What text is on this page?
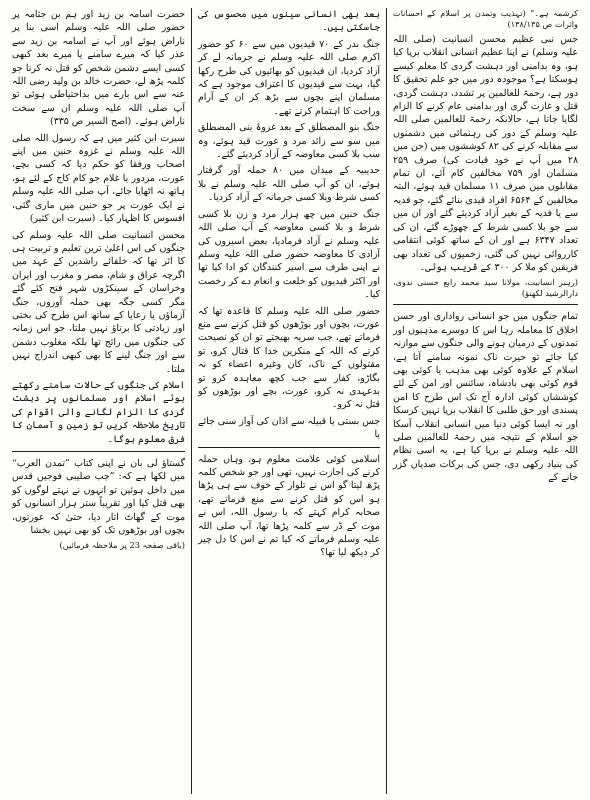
کرشمہ ہے۔“ (تہذیب وتمدن پر اسلام کے احسانات واثرات ص ۱۳۸/۱۳۵)

جس نبی عظیم محسن انسانیت (صلی اللہ علیہ وسلم) نے اپنا عظیم انسانی انقلاب برپا کیا ہو، وہ بدامنی اور دہشت گردی کا معلم کیسے ہوسکتا ہے؟ موجودہ دور میں جو علم تحقیق کا دور ہے، رحمۃ للعالمین پر تشدد، دہشت گردی، قتل و غارت گری اور بدامنی عام کرنے کا الزام لگایا جاتا ہے، حالانکہ رحمۃ للعالمین صلی اللہ علیہ وسلم کے دور کی رہنمائی میں دشمنوں سے مقابلہ کرنے کی ۸۲ کوششوں میں (جن میں ۲۸ میں آپ نے خود قیادت کی) صرف ۲۵۹ مسلمان اور ۷۵۹ مخالفین کام آئے، ان تمام مقابلوں میں صرف ۱۱ مسلمان قید ہوئے، البتہ مخالفین کے ۶۵۶۴ افراد قیدی بنائے گئے، جو فدیہ سے یا فدیہ کے بغیر آزاد کردیئے گئے اور ان میں سے جو بلا کسی شرط کے چھوڑے گئے، ان کی تعداد ۶۳۴۷ ہے اور ان کے ساتھ کوئی انتقامی کارروائی نہیں کی گئی، زخمیوں کی تعداد بھی فریقین کو ملا کر ۳۰۰ کے قریب ہوئی۔

(رہبر انسانیت، مولانا سید محمد رابع حسنی ندوی، دارالرشید لکھنؤ)

تمام جنگوں میں جو انسانی رواداری اور حسن اخلاق کا معاملہ رہا اس کا دوسرے مذہبوں اور تمدنوں کے درمیان ہونے والی جنگوں سے موازنہ کیا جائے تو حیرت ناک نمونہ سامنے آتا ہے، اسلام کے علاوہ کوئی بھی مذہب یا کوئی بھی قوم کوئی بھی بادشاہ، سائنس اور امن کے لئے کوششاں کوئی ادارہ آج تک اس طرح کا امن پسندی اور حق طلبی کا انقلاب برپا نہیں کرسکا اور نہ ایسا کوئی دنیا میں انسانی انقلاب آسکا جو اسلام کے نتیجہ میں رحمۃ للعالمین صلی اللہ علیہ وسلم نے برپا کیا ہے، یہ اسی نظام کی بنیاد رکھی دی، جس کی برکات صدیاں گزر جانے کے

بعد بھی انسانی سینوں میں محسوس کی جاسکتی ہیں۔

جنگ بدر کے ۷۰ قیدیوں میں سے ۶۰ کو حضور اکرم صلی اللہ علیہ وسلم نے جرمانہ لے کر آزاد کردیا، ان قیدیوں کو بھائیوں کی طرح رکھا گیا، بہت سے قیدیوں کا اعتراف موجود ہے کہ مسلمان اپنے بچوں سے بڑھ کر ان کے آرام وراحت کا اہتمام کرتے تھے۔

جنگ بنو المصطلق کے بعد غزوۂ بنی المصطلق میں سو سے زائد مرد و عورت قید ہوئے، وہ سب بلا کسی معاوضہ کے آزاد کردیئے گئے۔

حدیبیہ کے میدان میں ۸۰ حملہ آور گرفتار ہوئے، ان کو آپ صلی اللہ علیہ وسلم نے بلا کسی شرط وبلا کسی جرمانہ کے آزاد کردیا۔

جنگ حنین میں چھ ہزار مرد و زن بلا کسی شرط و بلا کسی معاوضہ کے آپ صلی اللہ علیہ وسلم نے آزاد فرمادیا، بعض اسیروں کی آزادی کا معاوضہ حضور صلی اللہ علیہ وسلم نے اپنی طرف سے اسیر کنندگان کو ادا کیا تھا اور اکثر قیدیوں کو خلعت و انعام دے کر رخصت کیا۔

حضور صلی اللہ علیہ وسلم کا قاعدہ تھا کہ عورت، بچوں اور بوڑھوں کو قتل کرنے سے منع فرماتے تھے، جب سریہ بھیجتے تو ان کو نصیحت کرتے کہ اللہ کے منکرین خدا کا قتال کرو، تو مقتولوں کے ناک، کان وغیرہ اعضاء کو نہ بگاڑو، کفار سے جب کچھ معاہدہ کرو تو بدعہدی نہ کرو، عورت، بچے اور بوڑھوں کو قتل نہ کرو۔

جس بستی یا قبیلہ سے اذان کی آواز سنی جائے یا

اسلامی کوئی علامت معلوم ہو، وہاں حملہ کرنے کی اجازت نہیں، تھی اور جو شخص کلمہ پڑھ لیتا گو اس نے تلوار کے خوف سے ہی پڑھا ہو اس کو قتل کرنے سے منع فرماتے تھے، صحابہ کرام کہتے کہ یا رسول اللہ، اس نے موت کے ڈر سے کلمہ پڑھا تھا، آپ صلی اللہ علیہ وسلم فرماتے کہ کیا تم نے اس کا دل چیر کر دیکھ لیا تھا؟

حضرت اسامہ بن زید اور ہم بن جثامہ پر حضور صلی اللہ علیہ وسلم اسی بنا پر ناراض ہوئے اور آپ نے اسامہ بن زید سے عذر کیا کہ میرے سامنے یا میرے بعد کبھی کسی ایسے دشمن شخص کو قتل نہ کرنا جو کلمہ پڑھ لے، حضرت خالد بن ولید رضی اللہ عنہ سے اس بارے میں بداحتیاطی ہوئی تو آپ صلی اللہ علیہ وسلم ان سے سخت ناراض ہوئے۔ (اصح السیر ص ۳۳۵)

سیرت ابن کثیر میں ہے کہ رسول اللہ صلی اللہ علیہ وسلم نے غزوہ حنین میں اپنے اصحاب ورفقا کو حکم دیا کہ کسی بچے، عورت، مزدور یا غلام جو کام کاج کے لئے ہو، ہاتھ نہ اٹھایا جائے، آپ صلی اللہ علیہ وسلم نے ایک عورت پر جو حنین میں ماری گئی، افسوس کا اظہار کیا۔ (سیرت ابن کثیر)

محسن انسانیت صلی اللہ علیہ وسلم کی جنگوں کی اس اعلیٰ ترین تعلیم و تربیت ہی کا اثر تھا کہ خلفائے راشدین کے عہد میں اگرچہ عراق و شام، مصر و مغرب اور ایران وخراسان کے سینکڑوں شہر فتح کئے گئے مگر کسی جگہ بھی حملہ آوروں، جنگ آزماؤں یا رعایا کے ساتھ اس طرح کی بختی اور زیادتی کا برتاؤ نہیں ملتا، جو اس زمانہ کی جنگوں میں رائج تھا بلکہ مغلوب دشمن سے اور جنگ لینے کا بھی کبھی اندراج نہیں ملتا۔

اسلام کی جنگوں کے حالات سامنے رکھتے ہوئے اسلام اور مسلمانوں پر دہشت گردی کا الزام لگانے والی اقوام کی تاریخ ملاحظہ کریں تو زمین و آسمان کا فرق معلوم ہوگا۔

گستاؤ لی بان نے اپنی کتاب ”تمدن العرب“ میں لکھا ہے کہ: ”جب صلیبی فوجیں قدس میں داخل ہوئیں تو انہوں نے نہتے لوگوں کو بھی قتل کیا اور تقریباً ستر ہزار انسانوں کو موت کے گھاٹ اتار دیا، حتیٰ کہ عورتوں، بچوں اور بوڑھوں تک کو بھی نہیں بخشا

(باقی صفحہ 23 پر ملاحظہ فرمائیں)
